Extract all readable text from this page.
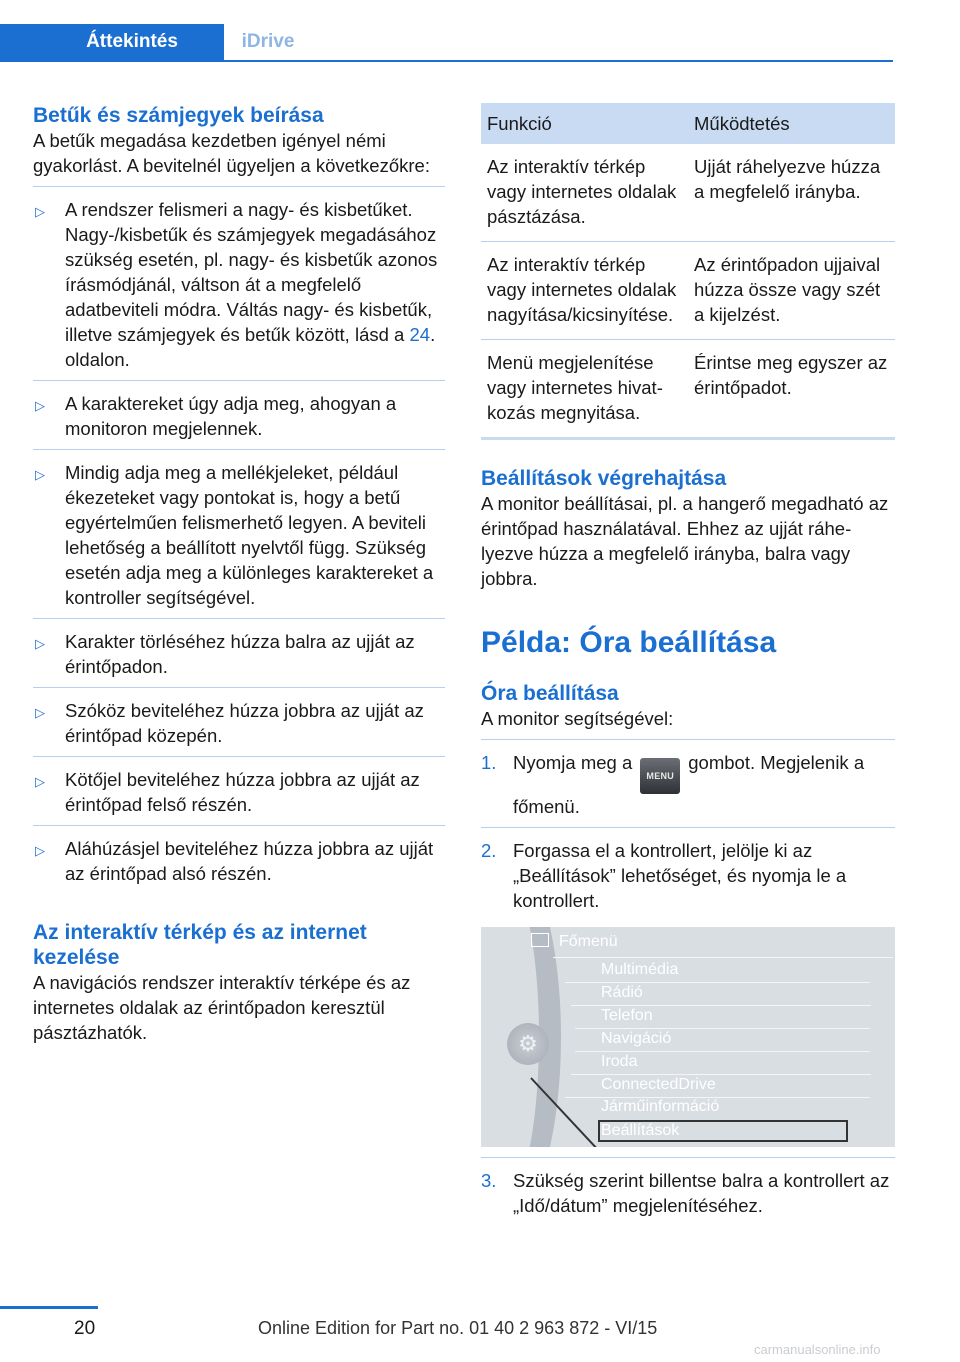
Áttekintés	iDrive
Betűk és számjegyek beírása

A betűk megadása kezdetben igényel némi gyakorlást. A bevitelnél ügyeljen a következőkre:

▷ A rendszer felismeri a nagy- és kisbetűket. Nagy-/kisbetűk és számjegyek megadásához szükség esetén, pl. nagy- és kisbetűk azonos írásmódjánál, váltson át a megfelelő adatbeviteli módra. Váltás nagy- és kisbetűk, illetve számjegyek és betűk között, lásd a 24. oldalon.
▷ A karaktereket úgy adja meg, ahogyan a monitoron megjelennek.
▷ Mindig adja meg a mellékjeleket, például ékezeteket vagy pontokat is, hogy a betű egyértelműen felismerhető legyen. A beviteli lehetőség a beállított nyelvtől függ. Szükség esetén adja meg a különleges karaktereket a kontroller segítségével.
▷ Karakter törléséhez húzza balra az ujját az érintőpadon.
▷ Szóköz beviteléhez húzza jobbra az ujját az érintőpad közepén.
▷ Kötőjel beviteléhez húzza jobbra az ujját az érintőpad felső részén.
▷ Aláhúzásjel beviteléhez húzza jobbra az ujját az érintőpad alsó részén.
Az interaktív térkép és az internet kezelése

A navigációs rendszer interaktív térképe és az internetes oldalak az érintőpadon keresztül pásztázhatók.

Funkció	Működtetés
Az interaktív térkép vagy internetes oldalak pásztázása.	Ujját ráhelyezve húzza a megfelelő irányba.
Az interaktív térkép vagy internetes oldalak nagyítása/kicsinyítése.	Az érintőpadon ujjaival húzza össze vagy szét a kijelzést.
Menü megjelenítése vagy internetes hivatkozás megnyitása.	Érintse meg egyszer az érintőpadot.
Beállítások végrehajtása

A monitor beállításai, pl. a hangerő megadható az érintőpad használatával. Ehhez az ujját ráhelyezve húzza a megfelelő irányba, balra vagy jobbra.

Példa: Óra beállítása
Óra beállítása

A monitor segítségével:

1. Nyomja meg aMENUgombot. Megjelenik a főmenü.
2. Forgassa el a kontrollert, jelölje ki az „Beállítások” lehetőséget, és nyomja le a kontrollert.
⚙
Főmenü
Multimédia
Rádió
Telefon
Navigáció
Iroda
ConnectedDrive
Járműinformáció
Beállítások
3. Szükség szerint billentse balra a kontrollert az „Idő/dátum” megjelenítéséhez.
20	Online Edition for Part no. 01 40 2 963 872 - VI/15
carmanualsonline.info
